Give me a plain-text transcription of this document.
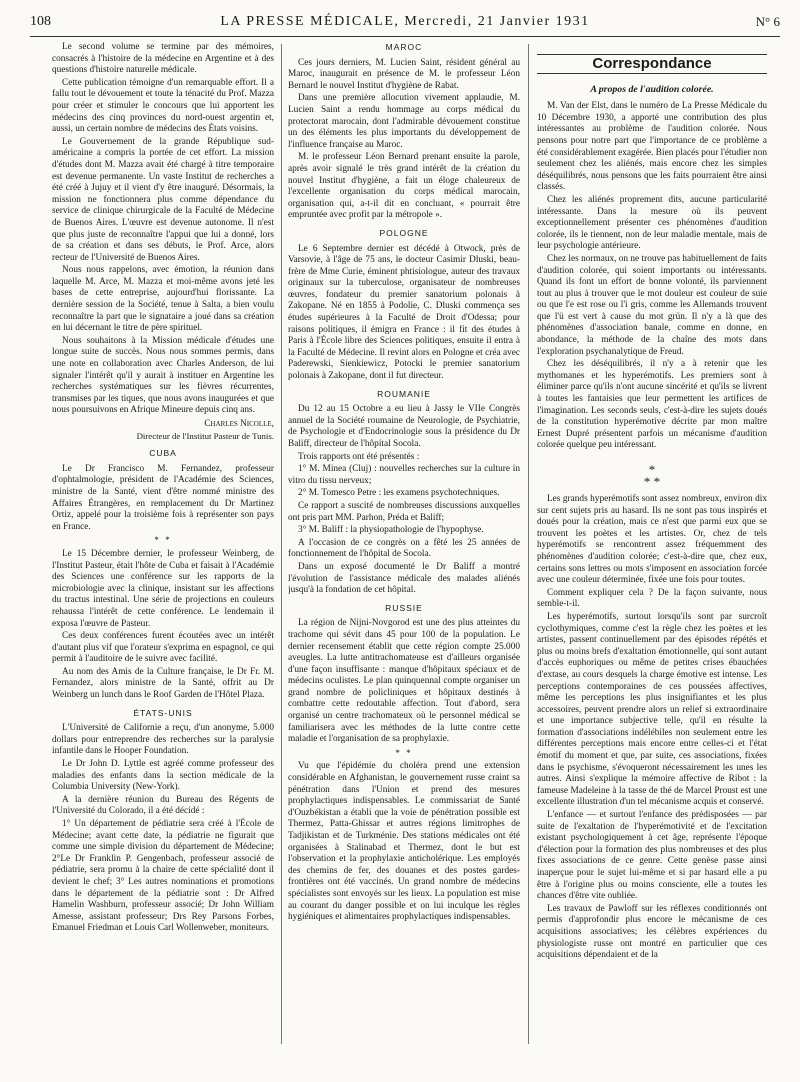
108	LA PRESSE MÉDICALE, Mercredi, 21 Janvier 1931	N° 6

Le second volume se termine par des mémoires, consacrés à l'histoire de la médecine en Argentine et à des questions d'histoire naturelle médicale.

Cette publication témoigne d'un remarquable effort. Il a fallu tout le dévouement et toute la ténacité du Prof. Mazza pour créer et stimuler le concours que lui apportent les médecins des cinq provinces du nord-ouest argentin et, aussi, un certain nombre de médecins des États voisins.

Le Gouvernement de la grande République sud-américaine a compris la portée de cet effort. La mission d'études dont M. Mazza avait été chargé à titre temporaire est devenue permanente. Un vaste Institut de recherches a été créé à Jujuy et il vient d'y être inauguré. Désormais, la mission ne fonctionnera plus comme dépendance du service de clinique chirurgicale de la Faculté de Médecine de Buenos Aires. L'œuvre est devenue autonome. Il n'est que plus juste de reconnaître l'appui que lui a donné, lors de sa création et dans ses débuts, le Prof. Arce, alors recteur de l'Université de Buenos Aires.

Nous nous rappelons, avec émotion, la réunion dans laquelle M. Arce, M. Mazza et moi-même avons jeté les bases de cette entreprise, aujourd'hui florissante. La dernière session de la Société, tenue à Salta, a bien voulu reconnaître la part que le signataire a joué dans sa création en lui décernant le titre de père spirituel.

Nous souhaitons à la Mission médicale d'études une longue suite de succès. Nous nous sommes permis, dans une note en collaboration avec Charles Anderson, de lui signaler l'intérêt qu'il y aurait à instituer en Argentine les recherches systématiques sur les fièvres récurrentes, transmises par les tiques, que nous avons inaugurées et que nous poursuivons en Afrique Mineure depuis cinq ans.

Charles Nicolle,
Directeur de l'Institut Pasteur de Tunis.
CUBA

Le Dr Francisco M. Fernandez, professeur d'ophtalmologie, président de l'Académie des Sciences, ministre de la Santé, vient d'être nommé ministre des Affaires Étrangères, en remplacement du Dr Martinez Ortiz, appelé pour la troisième fois à représenter son pays en France.

* *

Le 15 Décembre dernier, le professeur Weinberg, de l'Institut Pasteur, était l'hôte de Cuba et faisait à l'Académie des Sciences une conférence sur les rapports de la microbiologie avec la clinique, insistant sur les affections du tractus intestinal. Une série de projections en couleurs rehaussa l'intérêt de cette conférence. Le lendemain il exposa l'œuvre de Pasteur.

Ces deux conférences furent écoutées avec un intérêt d'autant plus vif que l'orateur s'exprima en espagnol, ce qui permit à l'auditoire de le suivre avec facilité.

Au nom des Amis de la Culture française, le Dr Fr. M. Fernandez, alors ministre de la Santé, offrit au Dr Weinberg un lunch dans le Roof Garden de l'Hôtel Plaza.

ÉTATS-UNIS

L'Université de Californie a reçu, d'un anonyme, 5.000 dollars pour entreprendre des recherches sur la paralysie infantile dans le Hooper Foundation.

Le Dr John D. Lyttle est agréé comme professeur des maladies des enfants dans la section médicale de la Columbia University (New-York).

A la dernière réunion du Bureau des Régents de l'Université du Colorado, il a été décidé :

1° Un département de pédiatrie sera créé à l'École de Médecine; avant cette date, la pédiatrie ne figurait que comme une simple division du département de Médecine; 2°Le Dr Franklin P. Gengenbach, professeur associé de pédiatrie, sera promu à la chaire de cette spécialité dont il devient le chef; 3° Les autres nominations et promotions dans le département de la pédiatrie sont : Dr Alfred Hamelin Washburn, professeur associé; Dr John William Amesse, assistant professeur; Drs Rey Parsons Forbes, Emanuel Friedman et Louis Carl Wollenweber, moniteurs.

MAROC

Ces jours derniers, M. Lucien Saint, résident général au Maroc, inaugurait en présence de M. le professeur Léon Bernard le nouvel Institut d'hygiène de Rabat.

Dans une première allocution vivement applaudie, M. Lucien Saint a rendu hommage au corps médical du protectorat marocain, dont l'admirable dévouement constitue un des éléments les plus importants du développement de l'influence française au Maroc.

M. le professeur Léon Bernard prenant ensuite la parole, après avoir signalé le très grand intérêt de la création du nouvel Institut d'hygiène, a fait un éloge chaleureux de l'excellente organisation du corps médical marocain, organisation qui, a-t-il dit en concluant, « pourrait être empruntée avec profit par la métropole ».

POLOGNE

Le 6 Septembre dernier est décédé à Otwock, près de Varsovie, à l'âge de 75 ans, le docteur Casimir Dluski, beau-frère de Mme Curie, éminent phtisiologue, auteur des travaux originaux sur la tuberculose, organisateur de nombreuses œuvres, fondateur du premier sanatorium polonais à Zakopane. Né en 1855 à Podolie, C. Dluski commença ses études supérieures à la Faculté de Droit d'Odessa; pour raisons politiques, il émigra en France : il fit des études à Paris à l'École libre des Sciences politiques, ensuite il entra à la Faculté de Médecine. Il revint alors en Pologne et créa avec Paderewski, Sienkiewicz, Potocki le premier sanatorium polonais à Zakopane, dont il fut directeur.

ROUMANIE

Du 12 au 15 Octobre a eu lieu à Jassy le VIIe Congrès annuel de la Société roumaine de Neurologie, de Psychiatrie, de Psychologie et d'Endocrinologie sous la présidence du Dr Baliff, directeur de l'hôpital Socola.

Trois rapports ont été présentés :

1° M. Minea (Cluj) : nouvelles recherches sur la culture in vitro du tissu nerveux;

2° M. Tomesco Petre : les examens psychotechniques.

Ce rapport a suscité de nombreuses discussions auxquelles ont pris part MM. Parhon, Préda et Baliff;

3° M. Baliff : la physiopathologie de l'hypophyse.

A l'occasion de ce congrès on a fêté les 25 années de fonctionnement de l'hôpital de Socola.

Dans un exposé documenté le Dr Baliff a montré l'évolution de l'assistance médicale des malades aliénés jusqu'à la fondation de cet hôpital.

RUSSIE

La région de Nijni-Novgorod est une des plus atteintes du trachome qui sévit dans 45 pour 100 de la population. Le dernier recensement établit que cette région compte 25.000 aveugles. La lutte antitrachomateuse est d'ailleurs organisée d'une façon insuffisante : manque d'hôpitaux spéciaux et de médecins oculistes. Le plan quinquennal compte organiser un grand nombre de policliniques et hôpitaux destinés à combattre cette redoutable affection. Tout d'abord, sera organisé un centre trachomateux où le personnel médical se familiarisera avec les méthodes de la lutte contre cette maladie et l'organisation de sa prophylaxie.

* *

Vu que l'épidémie du choléra prend une extension considérable en Afghanistan, le gouvernement russe craint sa pénétration dans l'Union et prend des mesures prophylactiques indispensables. Le commissariat de Santé d'Ouzbékistan a établi que la voie de pénétration possible est Thermez, Patta-Ghissar et autres régions limitrophes de Tadjikistan et de Turkménie. Des stations médicales ont été organisées à Stalinabad et Thermez, dont le but est l'observation et la prophylaxie anticholérique. Les employés des chemins de fer, des douanes et des postes gardes-frontières ont été vaccinés. Un grand nombre de médecins spécialistes sont envoyés sur les lieux. La population est mise au courant du danger possible et on lui inculque les règles hygiéniques et alimentaires prophylactiques indispensables.

Correspondance
A propos de l'audition colorée.

M. Van der Elst, dans le numéro de La Presse Médicale du 10 Décembre 1930, a apporté une contribution des plus intéressantes au problème de l'audition colorée. Nous pensons pour notre part que l'importance de ce problème a été considérablement exagérée. Bien placés pour l'étudier non seulement chez les aliénés, mais encore chez les simples déséquilibrés, nous pensons que les faits pourraient être ainsi classés.

Chez les aliénés proprement dits, aucune particularité intéressante. Dans la mesure où ils peuvent exceptionnellement présenter ces phénomènes d'audition colorée, ils le tiennent, non de leur maladie mentale, mais de leur psychologie antérieure.

Chez les normaux, on ne trouve pas habituellement de faits d'audition colorée, qui soient importants ou intéressants. Quand ils font un effort de bonne volonté, ils parviennent tout au plus à trouver que le mot douleur est couleur de suie ou que l'e est rose ou l'i gris, comme les Allemands trouvent que l'ü est vert à cause du mot grün. Il n'y a là que des phénomènes d'association banale, comme en donne, en abondance, la méthode de la chaîne des mots dans l'exploration psychanalytique de Freud.

Chez les déséquilibrés, il n'y a à retenir que les mythomanes et les hyperémotifs. Les premiers sont à éliminer parce qu'ils n'ont aucune sincérité et qu'ils se livrent à toutes les fantaisies que leur permettent les artifices de l'imagination. Les seconds seuls, c'est-à-dire les sujets doués de la constitution hyperémotive décrite par mon maître Ernest Dupré présentent parfois un mécanisme d'audition colorée quelque peu intéressant.

*
* *

Les grands hyperémotifs sont assez nombreux, environ dix sur cent sujets pris au hasard. Ils ne sont pas tous inspirés et doués pour la création, mais ce n'est que parmi eux que se trouvent les poètes et les artistes. Or, chez de tels hyperémotifs se rencontrent assez fréquemment des phénomènes d'audition colorée; c'est-à-dire que, chez eux, certains sons lettres ou mots s'imposent en association forcée avec une couleur déterminée, fixée une fois pour toutes.

Comment expliquer cela ? De la façon suivante, nous semble-t-il.

Les hyperémotifs, surtout lorsqu'ils sont par surcroît cyclothymiques, comme c'est la règle chez les poètes et les artistes, passent continuellement par des épisodes répétés et plus ou moins brefs d'exaltation émotionnelle, qui sont autant d'accès euphoriques ou même de petites crises ébauchées d'extase, au cours desquels la charge émotive est intense. Les perceptions contemporaines de ces poussées affectives, même les perceptions les plus insignifiantes et les plus accessoires, peuvent prendre alors un relief si extraordinaire et une importance subjective telle, qu'il en résulte la formation d'associations indélébiles non seulement entre les différentes perceptions mais encore entre celles-ci et l'état émotif du moment et que, par suite, ces associations, fixées dans le psychisme, s'évoqueront nécessairement les unes les autres. Ainsi s'explique la mémoire affective de Ribot : la fameuse Madeleine à la tasse de thé de Marcel Proust est une excellente illustration d'un tel mécanisme acquis et conservé.

L'enfance — et surtout l'enfance des prédisposées — par suite de l'exaltation de l'hyperémotivité et de l'excitation existant psychologiquement à cet âge, représente l'époque d'élection pour la formation des plus nombreuses et des plus fixes associations de ce genre. Cette genèse passe ainsi inaperçue pour le sujet lui-même et si par hasard elle a pu être à l'origine plus ou moins consciente, elle a toutes les chances d'être vite oubliée.

Les travaux de Pawloff sur les réflexes conditionnés ont permis d'approfondir plus encore le mécanisme de ces acquisitions associatives; les célèbres expériences du physiologiste russe ont montré en particulier que ces acquisitions dépendaient et de la
